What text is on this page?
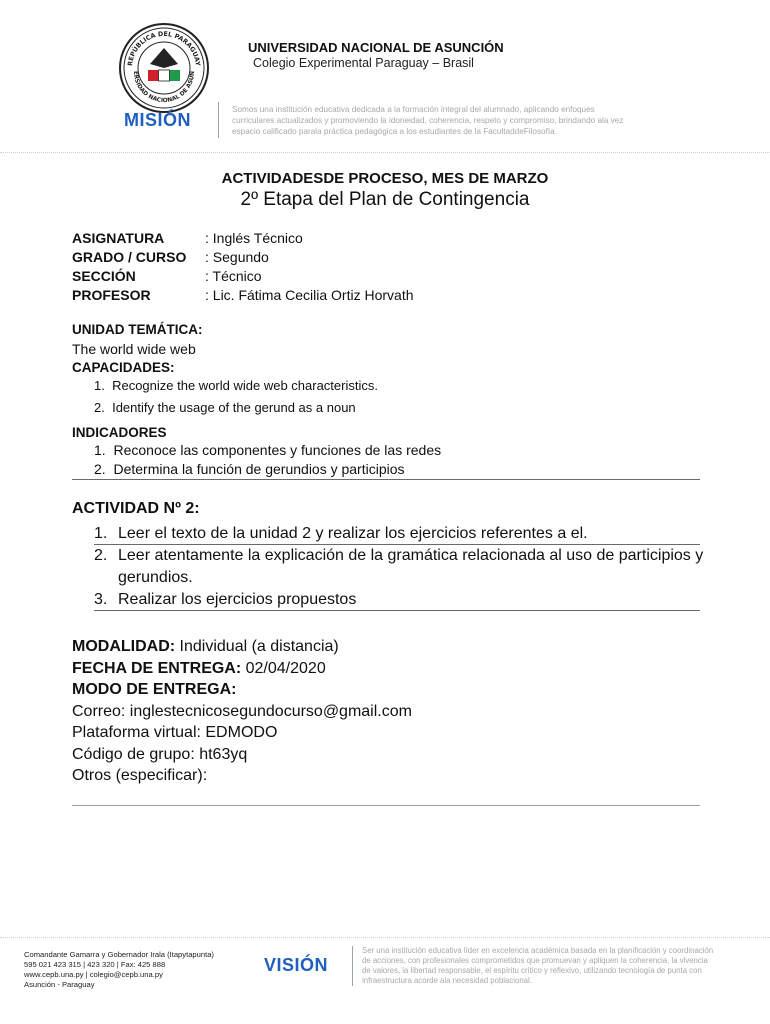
REPÚBLICA DEL PARAGUAY
ERSIDAD NACIONAL DE ASUN
UNIVERSIDAD NACIONAL DE ASUNCIÓN
Colegio Experimental Paraguay – Brasil
MISIÓN
Somos una institución educativa dedicada a la formación integral del alumnado, aplicando enfoques curriculares actualizados y promoviendo la idoneidad, coherencia, respeto y compromiso, brindando ala vez espacio calificado parala práctica pedagógica a los estudiantes de la FacultaddeFilosofía.
ACTIVIDADESDE PROCESO, MES DE MARZO
2º Etapa del Plan de Contingencia
ASIGNATURA	: Inglés Técnico
GRADO / CURSO	: Segundo
SECCIÓN	: Técnico
PROFESOR	: Lic. Fátima Cecilia Ortiz Horvath
UNIDAD TEMÁTICA:
The world wide web
CAPACIDADES:
1. Recognize the world wide web characteristics.
2. Identify the usage of the gerund as a noun
INDICADORES
1. Reconoce las componentes y funciones de las redes
2. Determina la función de gerundios y participios
ACTIVIDAD Nº 2:
1. Leer el texto de la unidad 2 y realizar los ejercicios referentes a el.
2. Leer atentamente la explicación de la gramática relacionada al uso de participios y gerundios.
3. Realizar los ejercicios propuestos
MODALIDAD: Individual (a distancia)
FECHA DE ENTREGA: 02/04/2020
MODO DE ENTREGA:
Correo: inglestecnicosegundocurso@gmail.com
Plataforma virtual: EDMODO
Código de grupo: ht63yq
Otros (especificar):
Comandante Gamarra y Gobernador Irala (Itapytapunta)
595 021 423 315 | 423 320 | Fax: 425 888
www.cepb.una.py | colegio@cepb.una.py
Asunción - Paraguay
VISIÓN
Ser una institución educativa líder en excelencia académica basada en la planificación y coordinación de acciones, con profesionales comprometidos que promuevan y apliquen la coherencia, la vivencia de valores, la libertad responsable, el espíritu crítico y reflexivo, utilizando tecnología de punta con infraestructura acorde ala necesidad poblacional.
